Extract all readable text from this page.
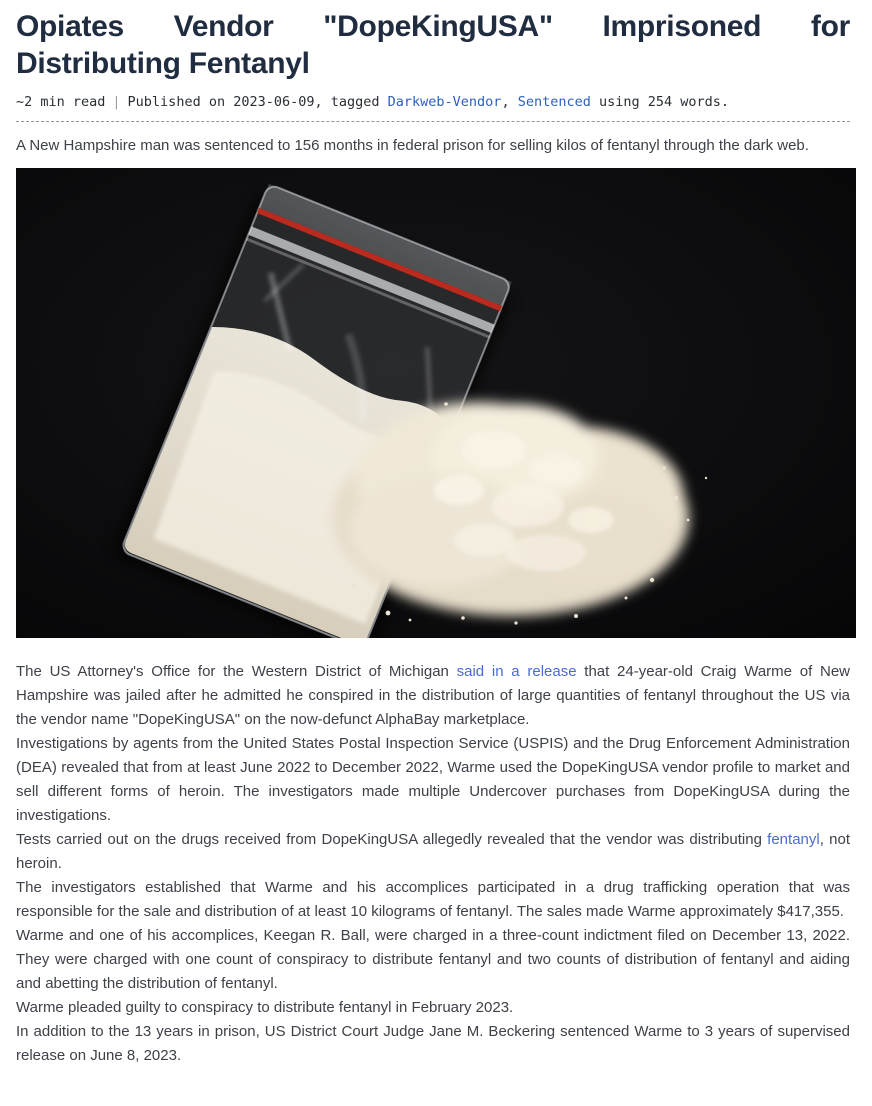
Opiates Vendor "DopeKingUSA" Imprisoned for Distributing Fentanyl
~2 min read | Published on 2023-06-09, tagged Darkweb-Vendor, Sentenced using 254 words.

A New Hampshire man was sentenced to 156 months in federal prison for selling kilos of fentanyl through the dark web.

The US Attorney's Office for the Western District of Michigan said in a release that 24-year-old Craig Warme of New Hampshire was jailed after he admitted he conspired in the distribution of large quantities of fentanyl throughout the US via the vendor name "DopeKingUSA" on the now-defunct AlphaBay marketplace.

Investigations by agents from the United States Postal Inspection Service (USPIS) and the Drug Enforcement Administration (DEA) revealed that from at least June 2022 to December 2022, Warme used the DopeKingUSA vendor profile to market and sell different forms of heroin. The investigators made multiple Undercover purchases from DopeKingUSA during the investigations.

Tests carried out on the drugs received from DopeKingUSA allegedly revealed that the vendor was distributing fentanyl, not heroin.

The investigators established that Warme and his accomplices participated in a drug trafficking operation that was responsible for the sale and distribution of at least 10 kilograms of fentanyl. The sales made Warme approximately $417,355.

Warme and one of his accomplices, Keegan R. Ball, were charged in a three-count indictment filed on December 13, 2022. They were charged with one count of conspiracy to distribute fentanyl and two counts of distribution of fentanyl and aiding and abetting the distribution of fentanyl.

Warme pleaded guilty to conspiracy to distribute fentanyl in February 2023.

In addition to the 13 years in prison, US District Court Judge Jane M. Beckering sentenced Warme to 3 years of supervised release on June 8, 2023.
